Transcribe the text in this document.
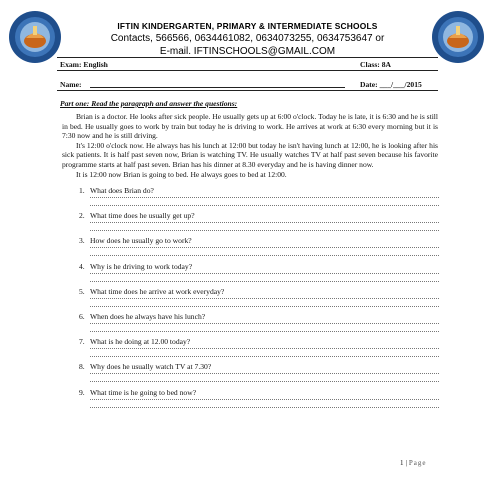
IFTIN KINDERGARTEN, PRIMARY & INTERMEDIATE SCHOOLS
Contacts, 566566, 0634461082, 0634073255, 0634753647 or
E-mail. IFTINSCHOOLS@GMAIL.COM
Exam: English	Class: 8A
Name:	Date: ___/___/2015
Part one: Read the paragraph and answer the questions:

Brian is a doctor. He looks after sick people. He usually gets up at 6:00 o'clock. Today he is late, it is 6:30 and he is still in bed. He usually goes to work by train but today he is driving to work. He arrives at work at 6:30 every morning but it is 7:30 now and he is still driving.

It's 12:00 o'clock now. He always has his lunch at 12:00 but today he isn't having lunch at 12:00, he is looking after his sick patients. It is half past seven now, Brian is watching TV. He usually watches TV at half past seven because his favorite programme starts at half past seven. Brian has his dinner at 8.30 everyday and he is having dinner now.

It is 12:00 now Brian is going to bed. He always goes to bed at 12:00.

1. What does Brian do?
2. What time does he usually get up?
3. How does he usually go to work?
4. Why is he driving to work today?
5. What time does he arrive at work everyday?
6. When does he always have his lunch?
7. What is he doing at 12.00 today?
8. Why does he usually watch TV at 7.30?
9. What time is he going to bed now?
1 | Page
